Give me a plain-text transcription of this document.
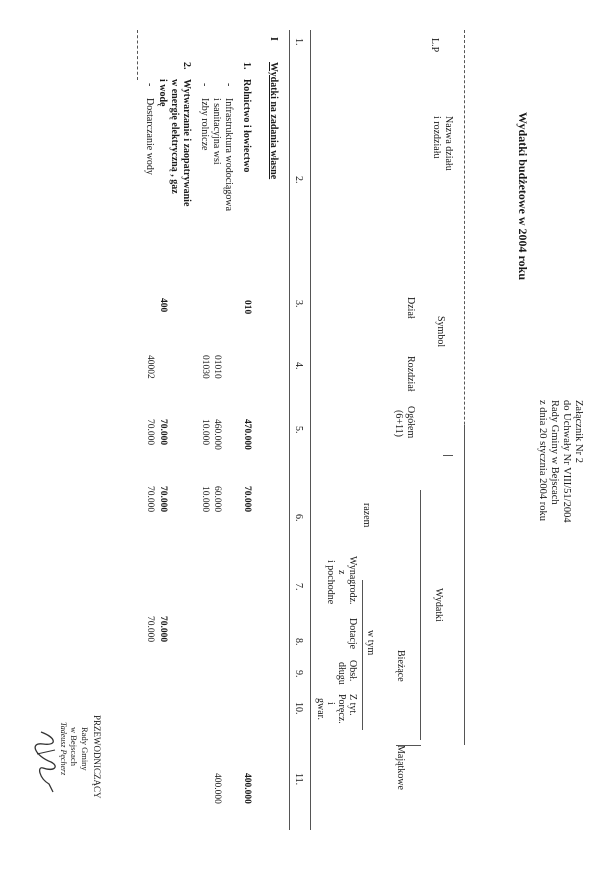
Załącznik Nr 2
do Uchwały Nr VIII/51/2004
Rady Gminy w Bejscach
z dnia 20 stycznia 2004 roku
Wydatki budżetowe w 2004 roku
L.P
Nazwa działu
i rozdziału
Symbol
Dział
Rozdział
Ogółem
(6+11)
Wydatki
Bieżące
Majątkowe
razem
w tym
Wynagrodz.
z
i pochodne
Dotacje
Obsł.
długu
Z tyt.
Poręcz.
i
gwar.
1.
2.
3.
4.
5.
6.
7.
8.
9.
10.
11.
I
Wydatki na zadania własne
1.
Rolnictwo i łowiectwo
010
470.000
70.000
400.000
-
Infrastruktura wodociągowa
i sanitacyjna wsi
01010
460.000
60.000
400.000
-
Izby rolnicze
01030
10.000
10.000
2.
Wytwarzanie i zaopatrywanie
w energię elektryczną , gaz
i wodę
400
70.000
70.000
70.000
-
Dostarczanie wody
40002
70.000
70.000
70.000
PRZEWODNICZĄCY
Rady Gminy
w Bejscach
Tadeusz Pęcherz
